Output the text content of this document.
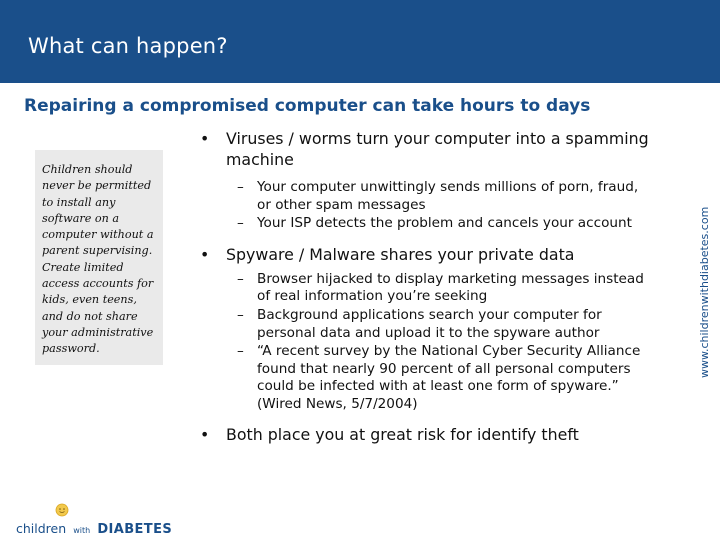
What can happen?
Repairing a compromised computer can take hours to days

Children should never be permitted to install any software on a computer without a parent supervising. Create limited access accounts for kids, even teens, and do not share your administrative password.

• Viruses / worms turn your computer into a spamming machine
– Your computer unwittingly sends millions of porn, fraud, or other spam messages
– Your ISP detects the problem and cancels your account
• Spyware / Malware shares your private data
– Browser hijacked to display marketing messages instead of real information you’re seeking
– Background applications search your computer for personal data and upload it to the spyware author
– “A recent survey by the National Cyber Security Alliance found that nearly 90 percent of all personal computers could be infected with at least one form of spyware.” (Wired News, 5/7/2004)
• Both place you at great risk for identify theft
www.childrenwithdiabetes.com
children with DIABETES
